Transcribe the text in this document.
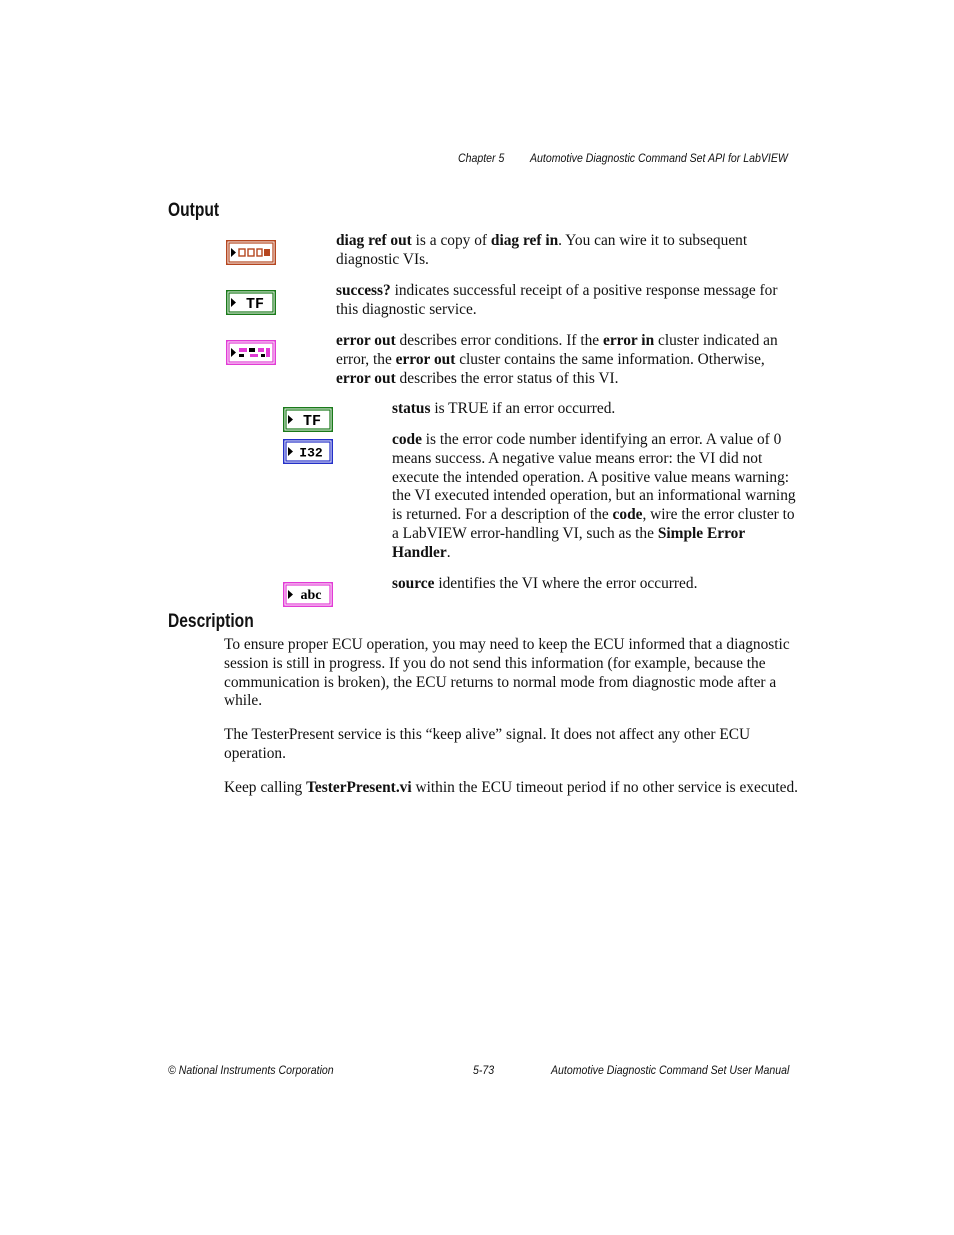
Chapter 5 Automotive Diagnostic Command Set API for LabVIEW
Output

diag ref out is a copy of diag ref in. You can wire it to subsequent diagnostic VIs.

TF

success? indicates successful receipt of a positive response message for this diagnostic service.

error out describes error conditions. If the error in cluster indicated an error, the error out cluster contains the same information. Otherwise, error out describes the error status of this VI.

TF

status is TRUE if an error occurred.

I32

code is the error code number identifying an error. A value of 0 means success. A negative value means error: the VI did not execute the intended operation. A positive value means warning: the VI executed intended operation, but an informational warning is returned. For a description of the code, wire the error cluster to a LabVIEW error-handling VI, such as the Simple Error Handler.

abc

source identifies the VI where the error occurred.

Description
To ensure proper ECU operation, you may need to keep the ECU informed that a diagnostic session is still in progress. If you do not send this information (for example, because the communication is broken), the ECU returns to normal mode from diagnostic mode after a while.
The TesterPresent service is this “keep alive” signal. It does not affect any other ECU operation.
Keep calling TesterPresent.vi within the ECU timeout period if no other service is executed.
© National Instruments Corporation	5-73	Automotive Diagnostic Command Set User Manual
